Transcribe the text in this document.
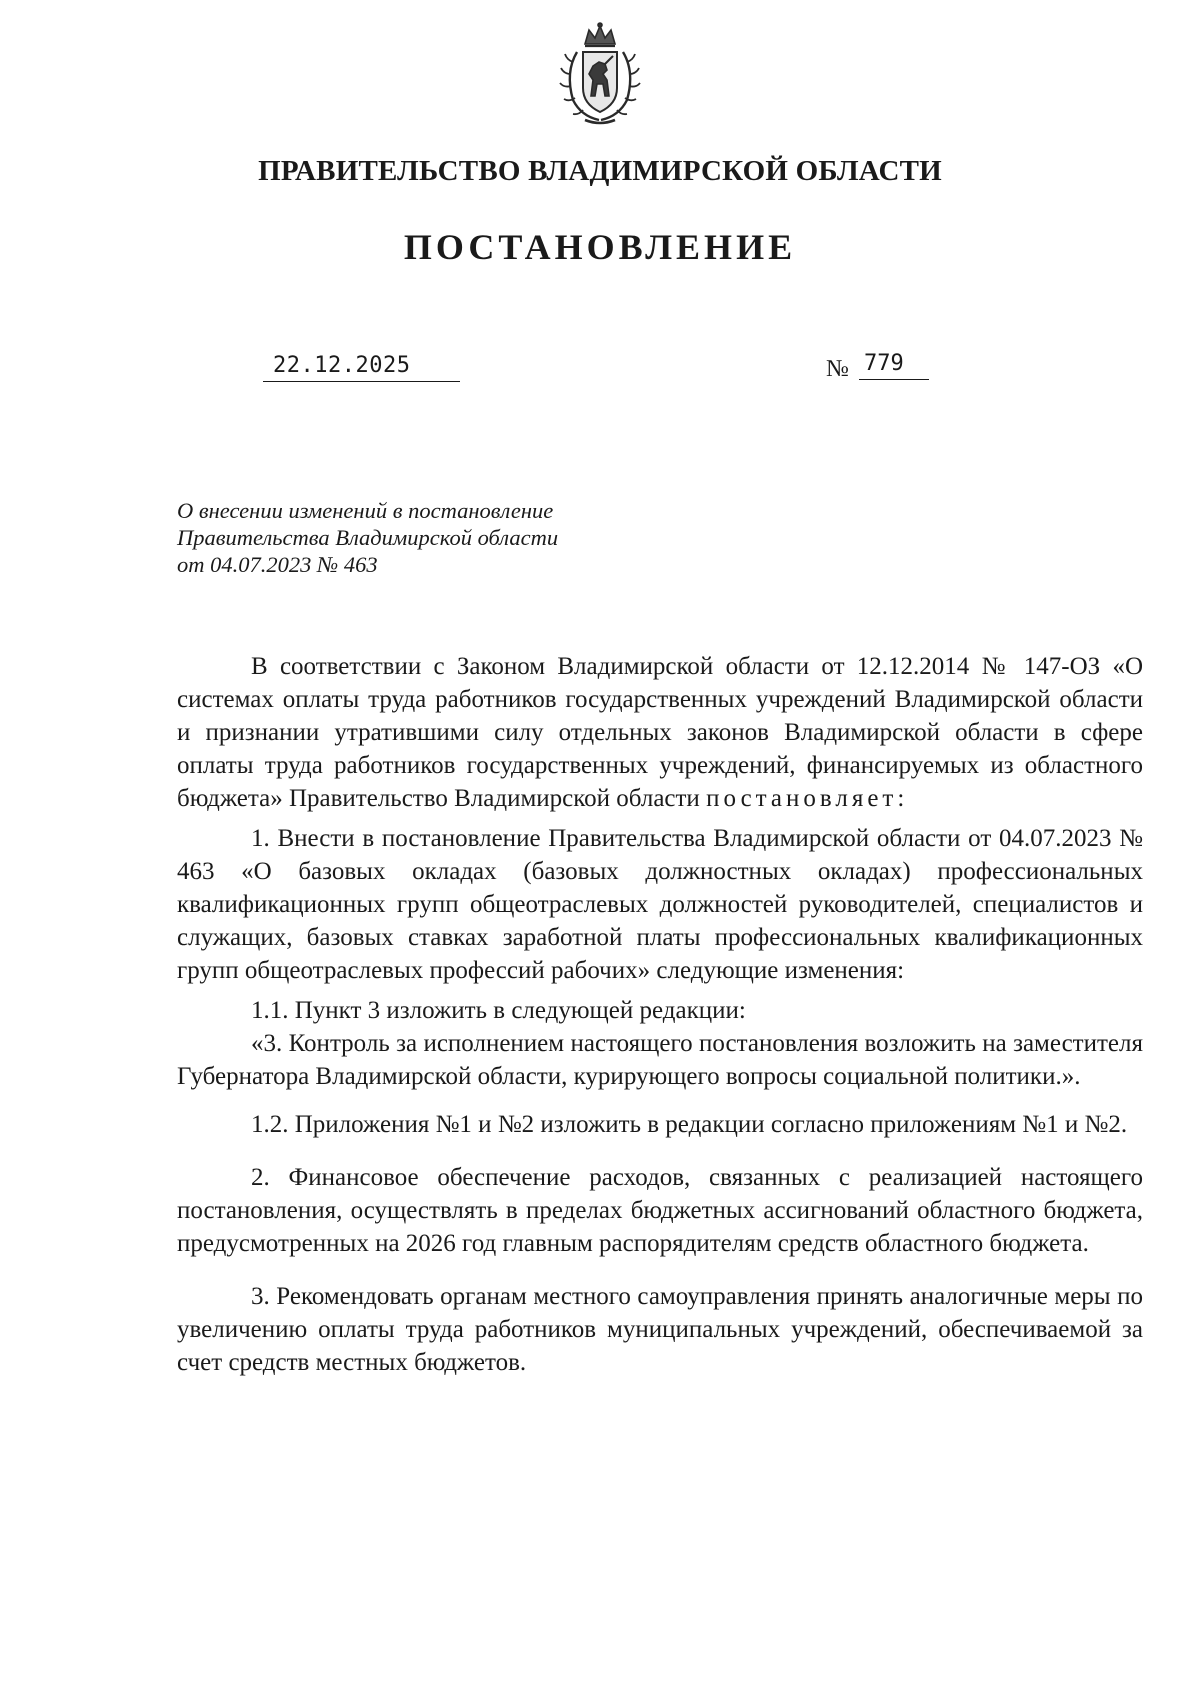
ПРАВИТЕЛЬСТВО ВЛАДИМИРСКОЙ ОБЛАСТИ
ПОСТАНОВЛЕНИЕ
22.12.2025	№ 779
О внесении изменений в постановление
Правительства Владимирской области
от 04.07.2023 № 463

В соответствии с Законом Владимирской области от 12.12.2014 № 147-ОЗ «О системах оплаты труда работников государственных учреждений Владимирской области и признании утратившими силу отдельных законов Владимирской области в сфере оплаты труда работников государственных учреждений, финансируемых из областного бюджета» Правительство Владимирской области постановляет:

1. Внести в постановление Правительства Владимирской области от 04.07.2023 № 463 «О базовых окладах (базовых должностных окладах) профессиональных квалификационных групп общеотраслевых должностей руководителей, специалистов и служащих, базовых ставках заработной платы профессиональных квалификационных групп общеотраслевых профессий рабочих» следующие изменения:

1.1. Пункт 3 изложить в следующей редакции:

«3. Контроль за исполнением настоящего постановления возложить на заместителя Губернатора Владимирской области, курирующего вопросы социальной политики.».

1.2. Приложения №1 и №2 изложить в редакции согласно приложениям №1 и №2.

2. Финансовое обеспечение расходов, связанных с реализацией настоящего постановления, осуществлять в пределах бюджетных ассигнований областного бюджета, предусмотренных на 2026 год главным распорядителям средств областного бюджета.

3. Рекомендовать органам местного самоуправления принять аналогичные меры по увеличению оплаты труда работников муниципальных учреждений, обеспечиваемой за счет средств местных бюджетов.
